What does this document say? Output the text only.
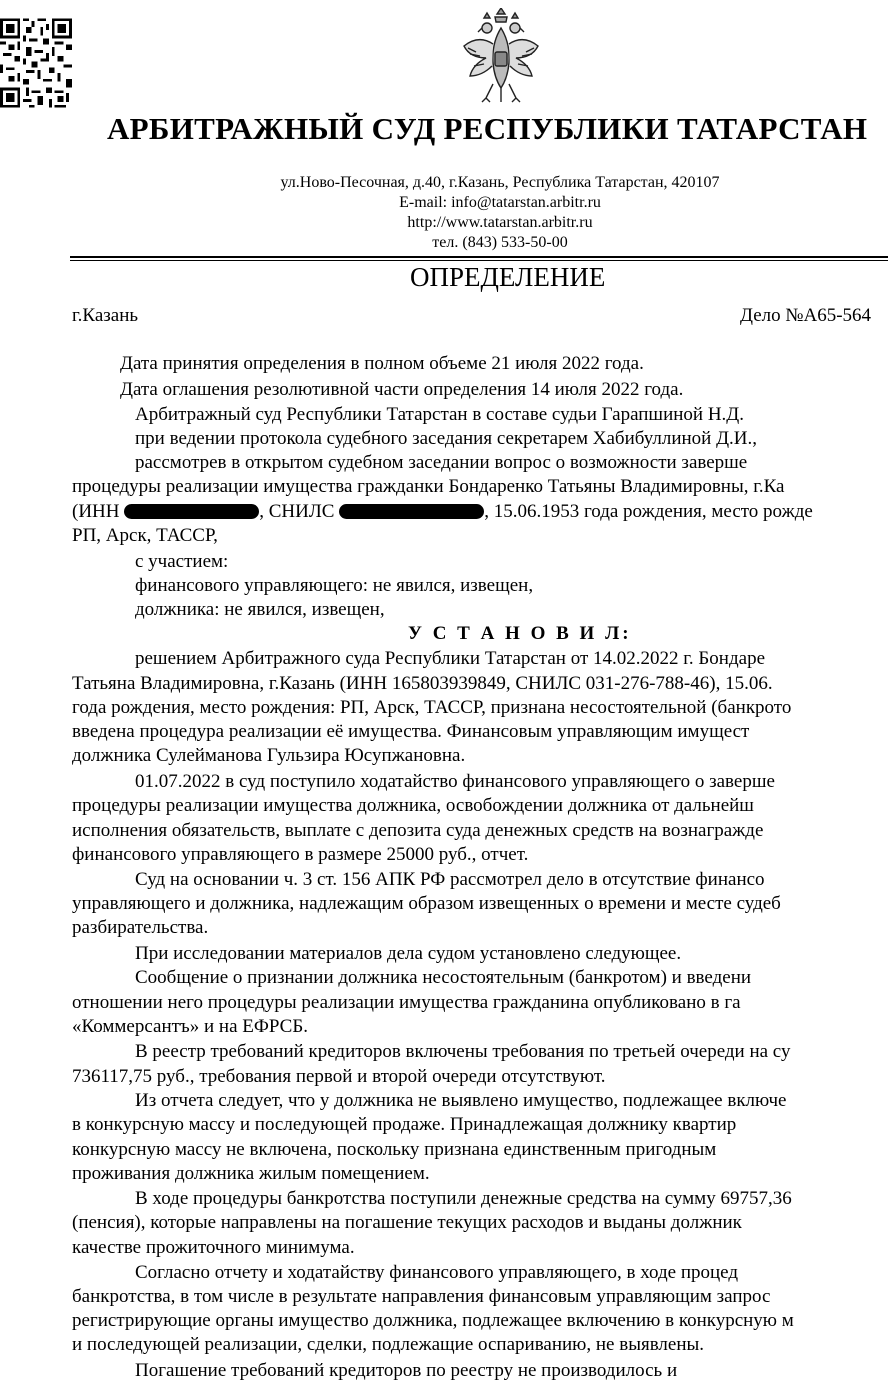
АРБИТРАЖНЫЙ СУД РЕСПУБЛИКИ ТАТАРСТАН
ул.Ново-Песочная, д.40, г.Казань, Республика Татарстан, 420107
E-mail: info@tatarstan.arbitr.ru
http://www.tatarstan.arbitr.ru
тел. (843) 533-50-00
ОПРЕДЕЛЕНИЕ
г.Казань	Дело №А65-564
Дата принятия определения в полном объеме 21 июля 2022 года.
Дата оглашения резолютивной части определения 14 июля 2022 года.
Арбитражный суд Республики Татарстан в составе судьи Гарапшиной Н.Д.
при ведении протокола судебного заседания секретарем Хабибуллиной Д.И.,
рассмотрев в открытом судебном заседании вопрос о возможности заверше
процедуры реализации имущества гражданки Бондаренко Татьяны Владимировны, г.Ка
(ИНН	, СНИЛС	, 15.06.1953 года рождения, место рожде
РП, Арск, ТАССР,
с участием:
финансового управляющего: не явился, извещен,
должника: не явился, извещен,
У С Т А Н О В И Л:
решением Арбитражного суда Республики Татарстан от 14.02.2022 г. Бондаре
Татьяна Владимировна, г.Казань (ИНН 165803939849, СНИЛС 031-276-788-46), 15.06.
года рождения, место рождения: РП, Арск, ТАССР, признана несостоятельной (банкрото
введена процедура реализации её имущества. Финансовым управляющим имущест
должника Сулейманова Гульзира Юсупжановна.
01.07.2022 в суд поступило ходатайство финансового управляющего о заверше
процедуры реализации имущества должника, освобождении должника от дальнейш
исполнения обязательств, выплате с депозита суда денежных средств на вознагражде
финансового управляющего в размере 25000 руб., отчет.
Суд на основании ч. 3 ст. 156 АПК РФ рассмотрел дело в отсутствие финансо
управляющего и должника, надлежащим образом извещенных о времени и месте судеб
разбирательства.
При исследовании материалов дела судом установлено следующее.
Сообщение о признании должника несостоятельным (банкротом) и введени
отношении него процедуры реализации имущества гражданина опубликовано в га
«Коммерсантъ» и на ЕФРСБ.
В реестр требований кредиторов включены требования по третьей очереди на су
736117,75 руб., требования первой и второй очереди отсутствуют.
Из отчета следует, что у должника не выявлено имущество, подлежащее включе
в конкурсную массу и последующей продаже. Принадлежащая должнику квартир
конкурсную массу не включена, поскольку признана единственным пригодным
проживания должника жилым помещением.
В ходе процедуры банкротства поступили денежные средства на сумму 69757,36
(пенсия), которые направлены на погашение текущих расходов и выданы должник
качестве прожиточного минимума.
Согласно отчету и ходатайству финансового управляющего, в ходе процед
банкротства, в том числе в результате направления финансовым управляющим запрос
регистрирующие органы имущество должника, подлежащее включению в конкурсную м
и последующей реализации, сделки, подлежащие оспариванию, не выявлены.
Погашение требований кредиторов по реестру не производилось и
